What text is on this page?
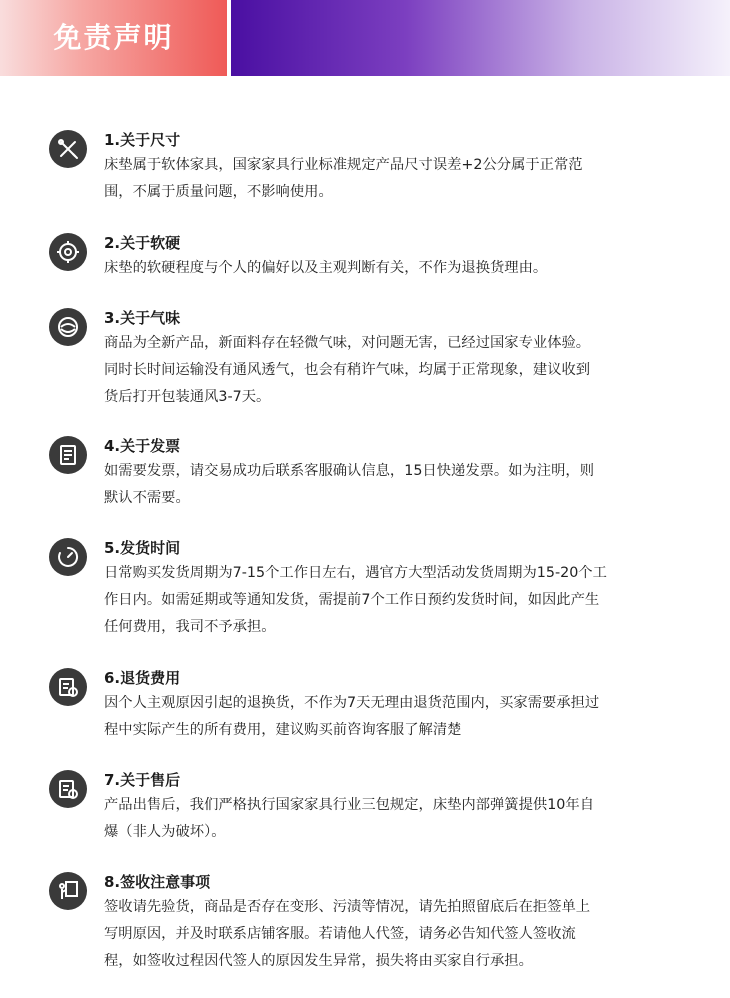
免责声明
1.关于尺寸
床垫属于软体家具，国家家具行业标准规定产品尺寸误差+2公分属于正常范
围，不属于质量问题，不影响使用。
2.关于软硬
床垫的软硬程度与个人的偏好以及主观判断有关，不作为退换货理由。
3.关于气味
商品为全新产品，新面料存在轻微气味，对问题无害，已经过国家专业体验。
同时长时间运输没有通风透气，也会有稍许气味，均属于正常现象，建议收到
货后打开包装通风3-7天。
4.关于发票
如需要发票，请交易成功后联系客服确认信息，15日快递发票。如为注明，则
默认不需要。
5.发货时间
日常购买发货周期为7-15个工作日左右，遇官方大型活动发货周期为15-20个工
作日内。如需延期或等通知发货，需提前7个工作日预约发货时间，如因此产生
任何费用，我司不予承担。
6.退货费用
因个人主观原因引起的退换货，不作为7天无理由退货范围内，买家需要承担过
程中实际产生的所有费用，建议购买前咨询客服了解清楚
7.关于售后
产品出售后，我们严格执行国家家具行业三包规定，床垫内部弹簧提供10年自
爆（非人为破坏）。
8.签收注意事项
签收请先验货，商品是否存在变形、污渍等情况，请先拍照留底后在拒签单上
写明原因，并及时联系店铺客服。若请他人代签，请务必告知代签人签收流
程，如签收过程因代签人的原因发生异常，损失将由买家自行承担。
